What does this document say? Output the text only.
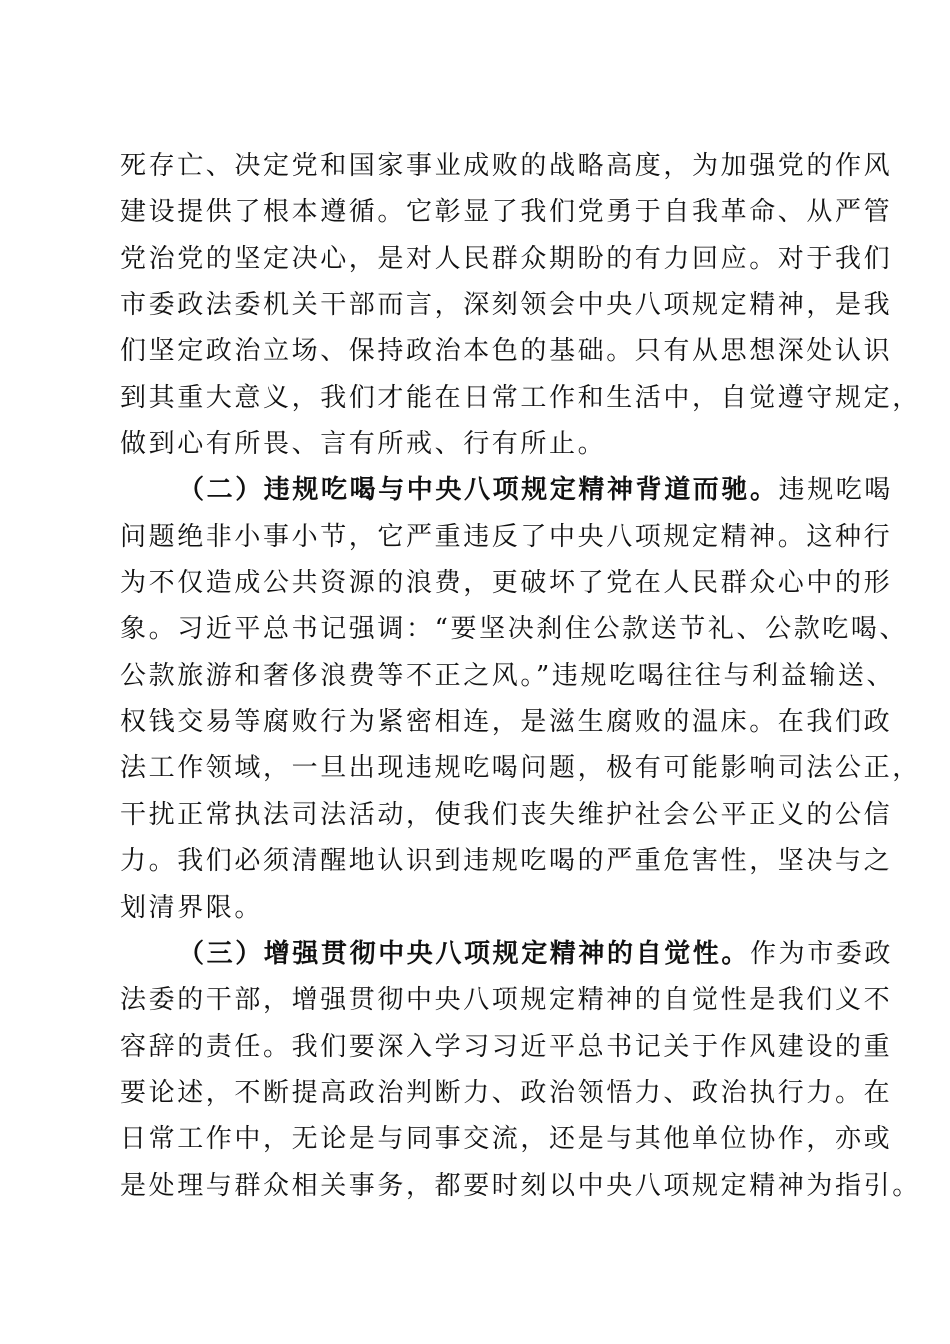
死存亡、决定党和国家事业成败的战略高度，为加强党的作风
建设提供了根本遵循。它彰显了我们党勇于自我革命、从严管
党治党的坚定决心，是对人民群众期盼的有力回应。对于我们
市委政法委机关干部而言，深刻领会中央八项规定精神，是我
们坚定政治立场、保持政治本色的基础。只有从思想深处认识
到其重大意义，我们才能在日常工作和生活中，自觉遵守规定，
做到心有所畏、言有所戒、行有所止。
（二）违规吃喝与中央八项规定精神背道而驰。违规吃喝
问题绝非小事小节，它严重违反了中央八项规定精神。这种行
为不仅造成公共资源的浪费，更破坏了党在人民群众心中的形
象。习近平总书记强调：“要坚决刹住公款送节礼、公款吃喝、
公款旅游和奢侈浪费等不正之风。”违规吃喝往往与利益输送、
权钱交易等腐败行为紧密相连，是滋生腐败的温床。在我们政
法工作领域，一旦出现违规吃喝问题，极有可能影响司法公正，
干扰正常执法司法活动，使我们丧失维护社会公平正义的公信
力。我们必须清醒地认识到违规吃喝的严重危害性，坚决与之
划清界限。
（三）增强贯彻中央八项规定精神的自觉性。作为市委政
法委的干部，增强贯彻中央八项规定精神的自觉性是我们义不
容辞的责任。我们要深入学习习近平总书记关于作风建设的重
要论述，不断提高政治判断力、政治领悟力、政治执行力。在
日常工作中，无论是与同事交流，还是与其他单位协作，亦或
是处理与群众相关事务，都要时刻以中央八项规定精神为指引。
